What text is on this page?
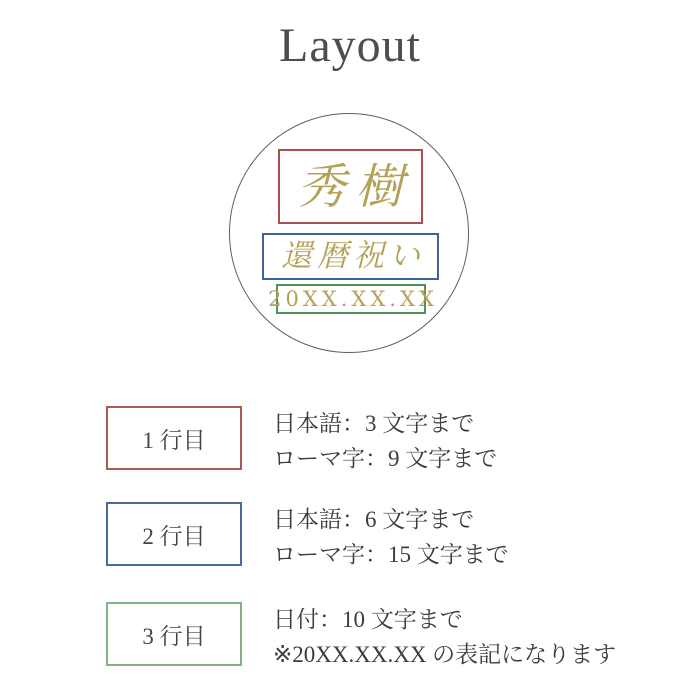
Layout
秀樹
還暦祝い
20XX.XX.XX
1 行目
日本語：3 文字まで
ローマ字：9 文字まで
2 行目
日本語：6 文字まで
ローマ字：15 文字まで
3 行目
日付：10 文字まで
※20XX.XX.XX の表記になります
